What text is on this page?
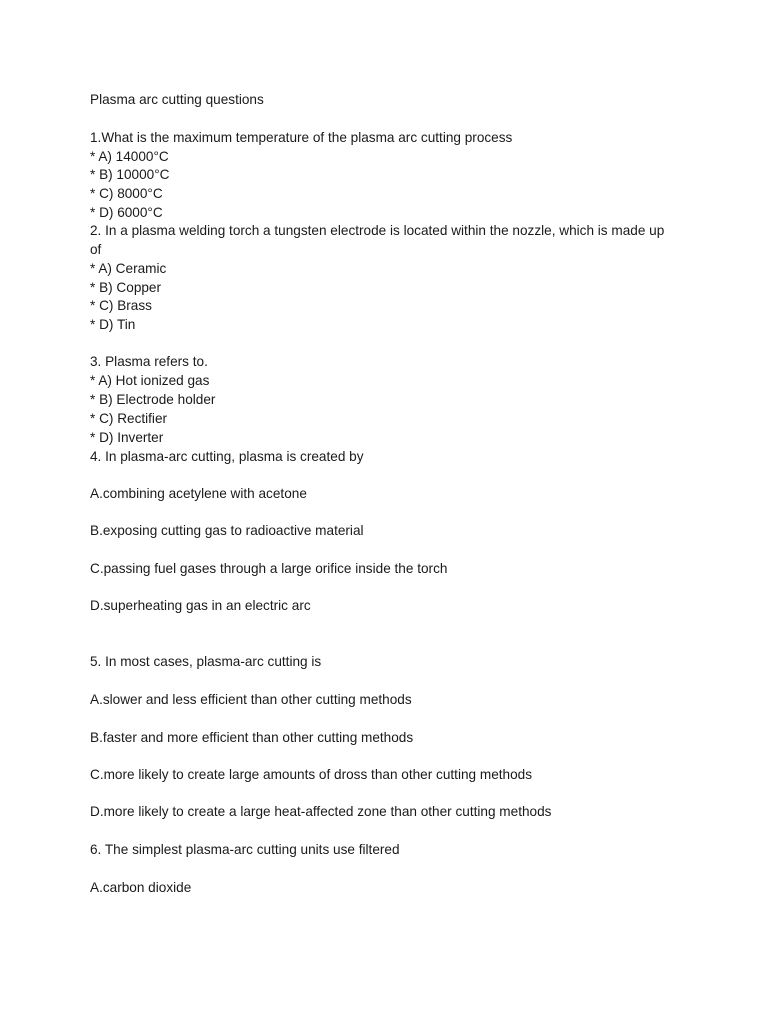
Plasma arc cutting questions
1.What is the maximum temperature of the plasma arc cutting process
* A) 14000°C
* B) 10000°C
* C) 8000°C
* D) 6000°C
2. In a plasma welding torch a tungsten electrode is located within the nozzle, which is made up
of
* A) Ceramic
* B) Copper
* C) Brass
* D) Tin
3. Plasma refers to.
* A) Hot ionized gas
* B) Electrode holder
* C) Rectifier
* D) Inverter
4. In plasma-arc cutting, plasma is created by
A.combining acetylene with acetone
B.exposing cutting gas to radioactive material
C.passing fuel gases through a large orifice inside the torch
D.superheating gas in an electric arc
5. In most cases, plasma-arc cutting is
A.slower and less efficient than other cutting methods
B.faster and more efficient than other cutting methods
C.more likely to create large amounts of dross than other cutting methods
D.more likely to create a large heat-affected zone than other cutting methods
6. The simplest plasma-arc cutting units use filtered
A.carbon dioxide
